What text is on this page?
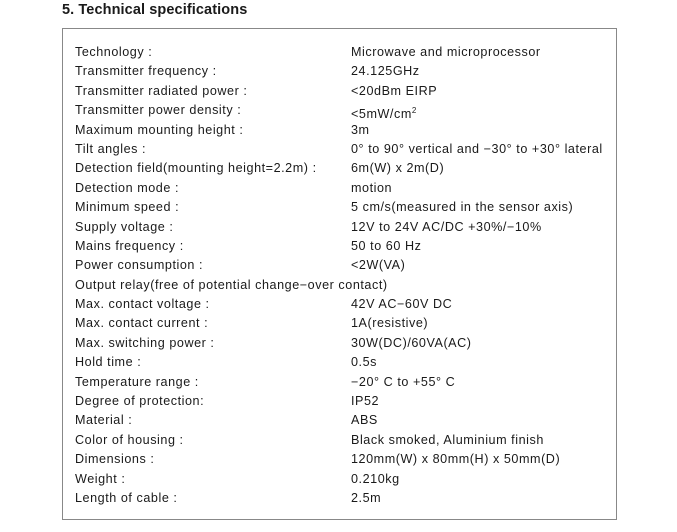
5. Technical specifications
Technology :	Microwave and microprocessor
Transmitter frequency :	24.125GHz
Transmitter radiated power :	<20dBm EIRP
Transmitter power density :	$<5mW/cm^2$
Maximum mounting height :	3m
Tilt angles :	0° to 90° vertical and −30° to +30° lateral
Detection field(mounting height=2.2m) :	6m(W) x 2m(D)
Detection mode :	motion
Minimum speed :	5 cm/s(measured in the sensor axis)
Supply voltage :	12V to 24V AC/DC +30%/−10%
Mains frequency :	50 to 60 Hz
Power consumption :	<2W(VA)
Output relay(free of potential change−over contact)
Max. contact voltage :	42V AC−60V DC
Max. contact current :	1A(resistive)
Max. switching power :	30W(DC)/60VA(AC)
Hold time :	0.5s
Temperature range :	−20° C to +55° C
Degree of protection:	IP52
Material :	ABS
Color of housing :	Black smoked, Aluminium finish
Dimensions :	120mm(W) x 80mm(H) x 50mm(D)
Weight :	0.210kg
Length of cable :	2.5m
